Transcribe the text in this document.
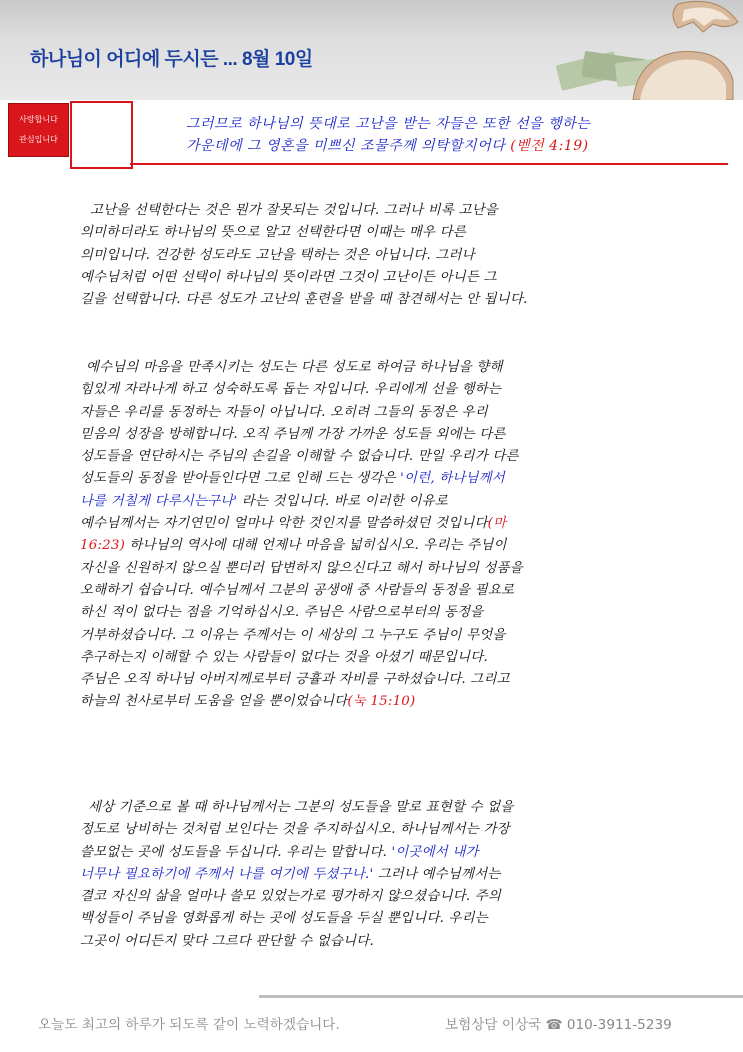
하나님이 어디에 두시든 ... 8월 10일
사랑합니다
관심입니다
그러므로 하나님의 뜻대로 고난을 받는 자들은 또한 선을 행하는
가운데에 그 영혼을 미쁘신 조물주께 의탁할지어다 (벧전 4:19)

고난을 선택한다는 것은 뭔가 잘못되는 것입니다. 그러나 비록 고난을

의미하더라도 하나님의 뜻으로 알고 선택한다면 이때는 매우 다른

의미입니다. 건강한 성도라도 고난을 택하는 것은 아닙니다. 그러나

예수님처럼 어떤 선택이 하나님의 뜻이라면 그것이 고난이든 아니든 그

길을 선택합니다. 다른 성도가 고난의 훈련을 받을 때 참견해서는 안 됩니다.

예수님의 마음을 만족시키는 성도는 다른 성도로 하여금 하나님을 향해

힘있게 자라나게 하고 성숙하도록 돕는 자입니다. 우리에게 선을 행하는

자들은 우리를 동정하는 자들이 아닙니다. 오히려 그들의 동정은 우리

믿음의 성장을 방해합니다. 오직 주님께 가장 가까운 성도들 외에는 다른

성도들을 연단하시는 주님의 손길을 이해할 수 없습니다. 만일 우리가 다른

성도들의 동정을 받아들인다면 그로 인해 드는 생각은 '이런, 하나님께서

나를 거칠게 다루시는구나' 라는 것입니다. 바로 이러한 이유로

예수님께서는 자기연민이 얼마나 악한 것인지를 말씀하셨던 것입니다(마

16:23) 하나님의 역사에 대해 언제나 마음을 넓히십시오. 우리는 주님이

자신을 신원하지 않으실 뿐더러 답변하지 않으신다고 해서 하나님의 성품을

오해하기 쉽습니다. 예수님께서 그분의 공생애 중 사람들의 동정을 필요로

하신 적이 없다는 점을 기억하십시오. 주님은 사람으로부터의 동정을

거부하셨습니다. 그 이유는 주께서는 이 세상의 그 누구도 주님이 무엇을

추구하는지 이해할 수 있는 사람들이 없다는 것을 아셨기 때문입니다.

주님은 오직 하나님 아버지께로부터 긍휼과 자비를 구하셨습니다. 그리고

하늘의 천사로부터 도움을 얻을 뿐이었습니다(눅 15:10)

세상 기준으로 볼 때 하나님께서는 그분의 성도들을 말로 표현할 수 없을

정도로 낭비하는 것처럼 보인다는 것을 주지하십시오. 하나님께서는 가장

쓸모없는 곳에 성도들을 두십니다. 우리는 말합니다. '이곳에서 내가

너무나 필요하기에 주께서 나를 여기에 두셨구나.' 그러나 예수님께서는

결코 자신의 삶을 얼마나 쓸모 있었는가로 평가하지 않으셨습니다. 주의

백성들이 주님을 영화롭게 하는 곳에 성도들을 두실 뿐입니다. 우리는

그곳이 어디든지 맞다 그르다 판단할 수 없습니다.

오늘도 최고의 하루가 되도록 같이 노력하겠습니다.	보험상담 이상국 ☎ 010-3911-5239
